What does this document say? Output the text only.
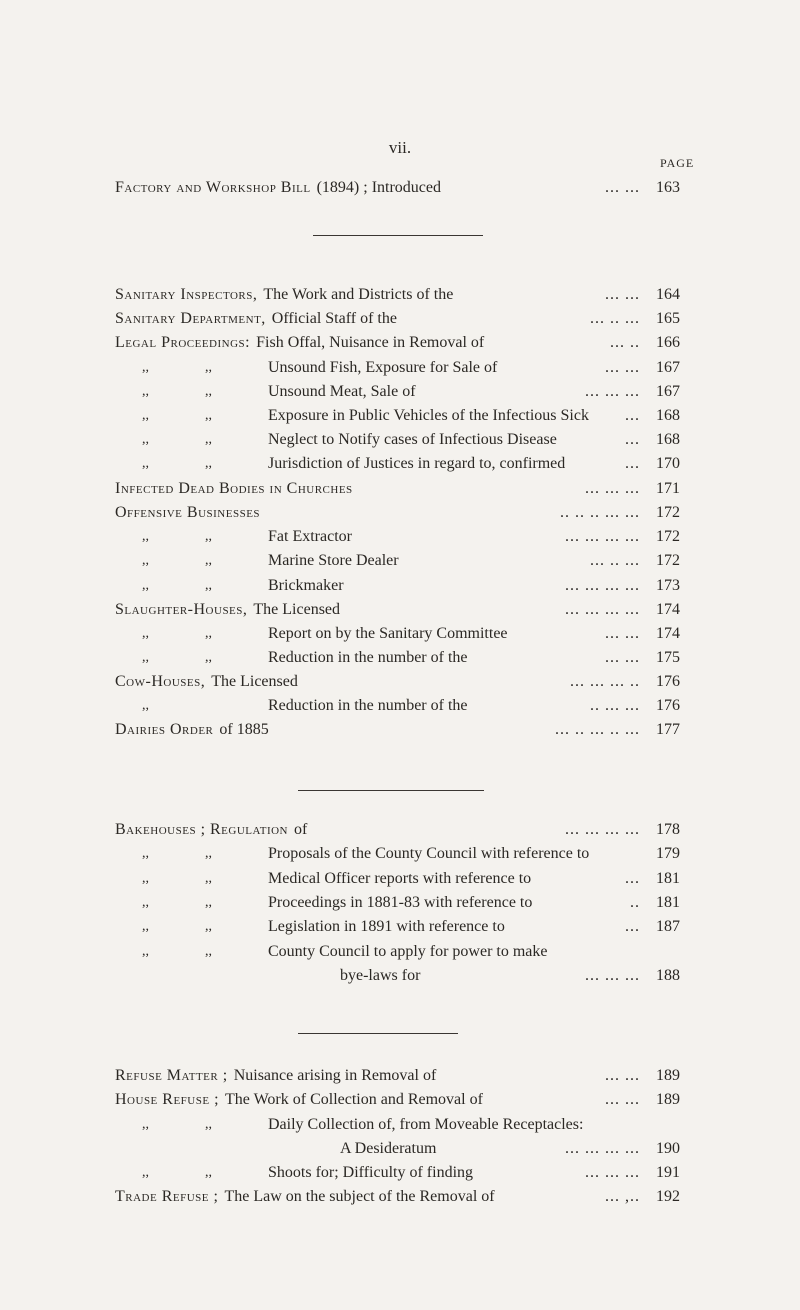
vii.
PAGE
Factory and Workshop Bill (1894) ; Introduced	... ...	163
Sanitary Inspectors, The Work and Districts of the	... ...	164
Sanitary Department, Official Staff of the	... .. ...	165
Legal Proceedings: Fish Offal, Nuisance in Removal of	... ..	166
,,	,,	Unsound Fish, Exposure for Sale of	... ...	167
,,	,,	Unsound Meat, Sale of	... ... ...	167
,,	,,	Exposure in Public Vehicles of the Infectious Sick ...	168
,,	,,	Neglect to Notify cases of Infectious Disease	...	168
,,	,,	Jurisdiction of Justices in regard to, confirmed	...	170
Infected Dead Bodies in Churches	... ... ...	171
Offensive Businesses	.. .. .. ... ...	172
,,	,,	Fat Extractor	... ... ... ...	172
,,	,,	Marine Store Dealer	... .. ...	172
,,	,,	Brickmaker	... ... ... ...	173
Slaughter-Houses, The Licensed	... ... ... ...	174
,,	,,	Report on by the Sanitary Committee	... ...	174
,,	,,	Reduction in the number of the	... ...	175
Cow-Houses, The Licensed	... ... ... ..	176
,,	Reduction in the number of the	.. ... ...	176
Dairies Order of 1885	... .. ... .. ...	177
Bakehouses ; Regulation of	... ... ... ...	178
,,	,,	Proposals of the County Council with reference to	179
,,	,,	Medical Officer reports with reference to	...	181
,,	,,	Proceedings in 1881-83 with reference to	..	181
,,	,,	Legislation in 1891 with reference to	...	187
,,	,,	County Council to apply for power to make
bye-laws for	... ... ...	188
Refuse Matter ; Nuisance arising in Removal of	... ...	189
House Refuse ; The Work of Collection and Removal of	... ...	189
,,	,,	Daily Collection of, from Moveable Receptacles:
A Desideratum	... ... ... ...	190
,,	,,	Shoots for; Difficulty of finding	... ... ...	191
Trade Refuse ; The Law on the subject of the Removal of	... ,..	192
